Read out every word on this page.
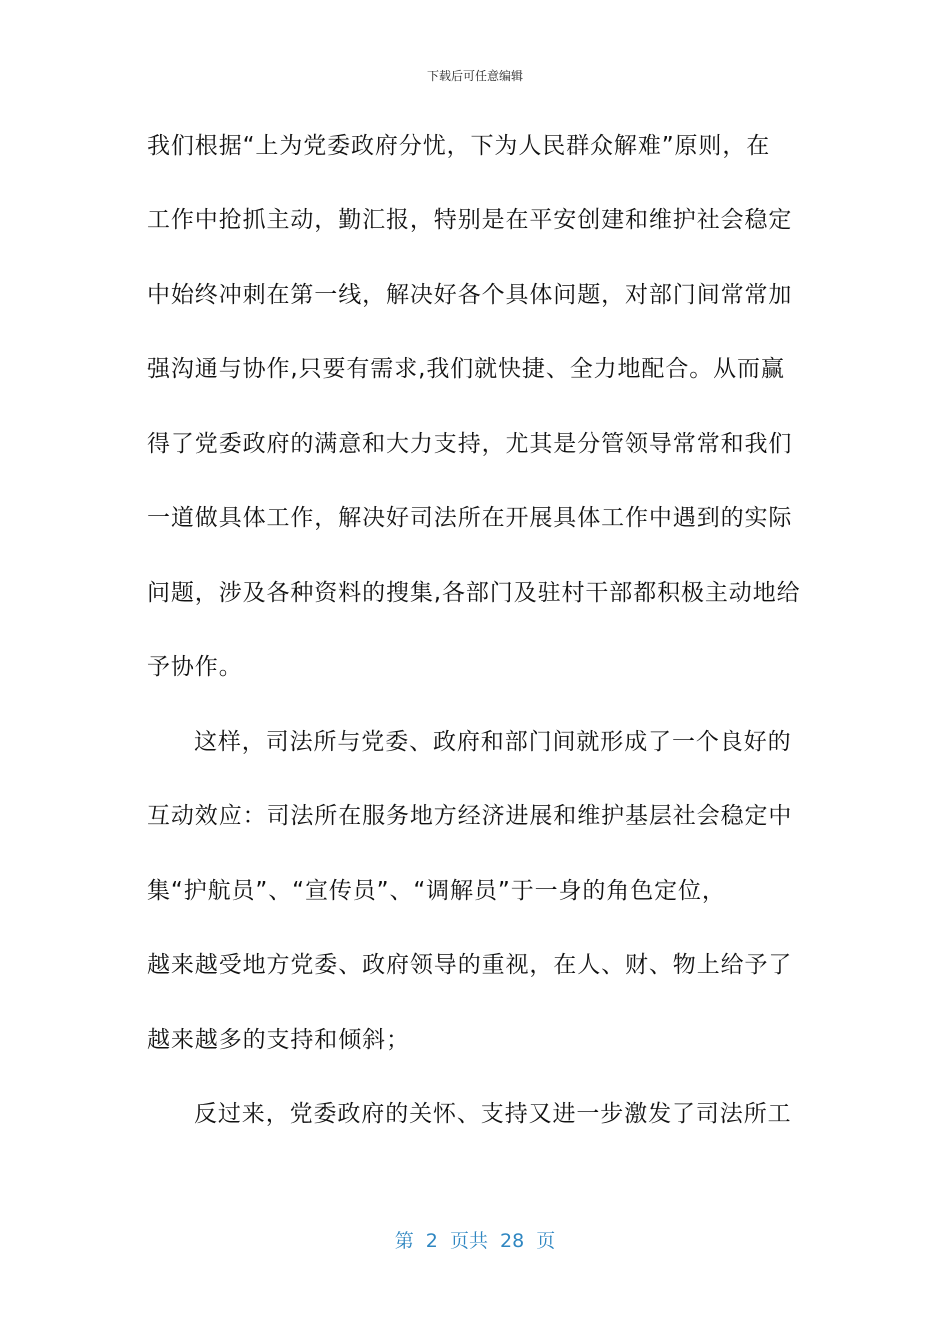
下载后可任意编辑
我们根据“上为党委政府分忧，下为人民群众解难”原则，在
工作中抢抓主动，勤汇报，特别是在平安创建和维护社会稳定
中始终冲刺在第一线，解决好各个具体问题，对部门间常常加
强沟通与协作,只要有需求,我们就快捷、全力地配合。从而赢
得了党委政府的满意和大力支持，尤其是分管领导常常和我们
一道做具体工作，解决好司法所在开展具体工作中遇到的实际
问题，涉及各种资料的搜集,各部门及驻村干部都积极主动地给
予协作。
这样，司法所与党委、政府和部门间就形成了一个良好的
互动效应：司法所在服务地方经济进展和维护基层社会稳定中
集“护航员”、“宣传员”、“调解员”于一身的角色定位，
越来越受地方党委、政府领导的重视，在人、财、物上给予了
越来越多的支持和倾斜；
反过来，党委政府的关怀、支持又进一步激发了司法所工
第  2  页共  28  页
